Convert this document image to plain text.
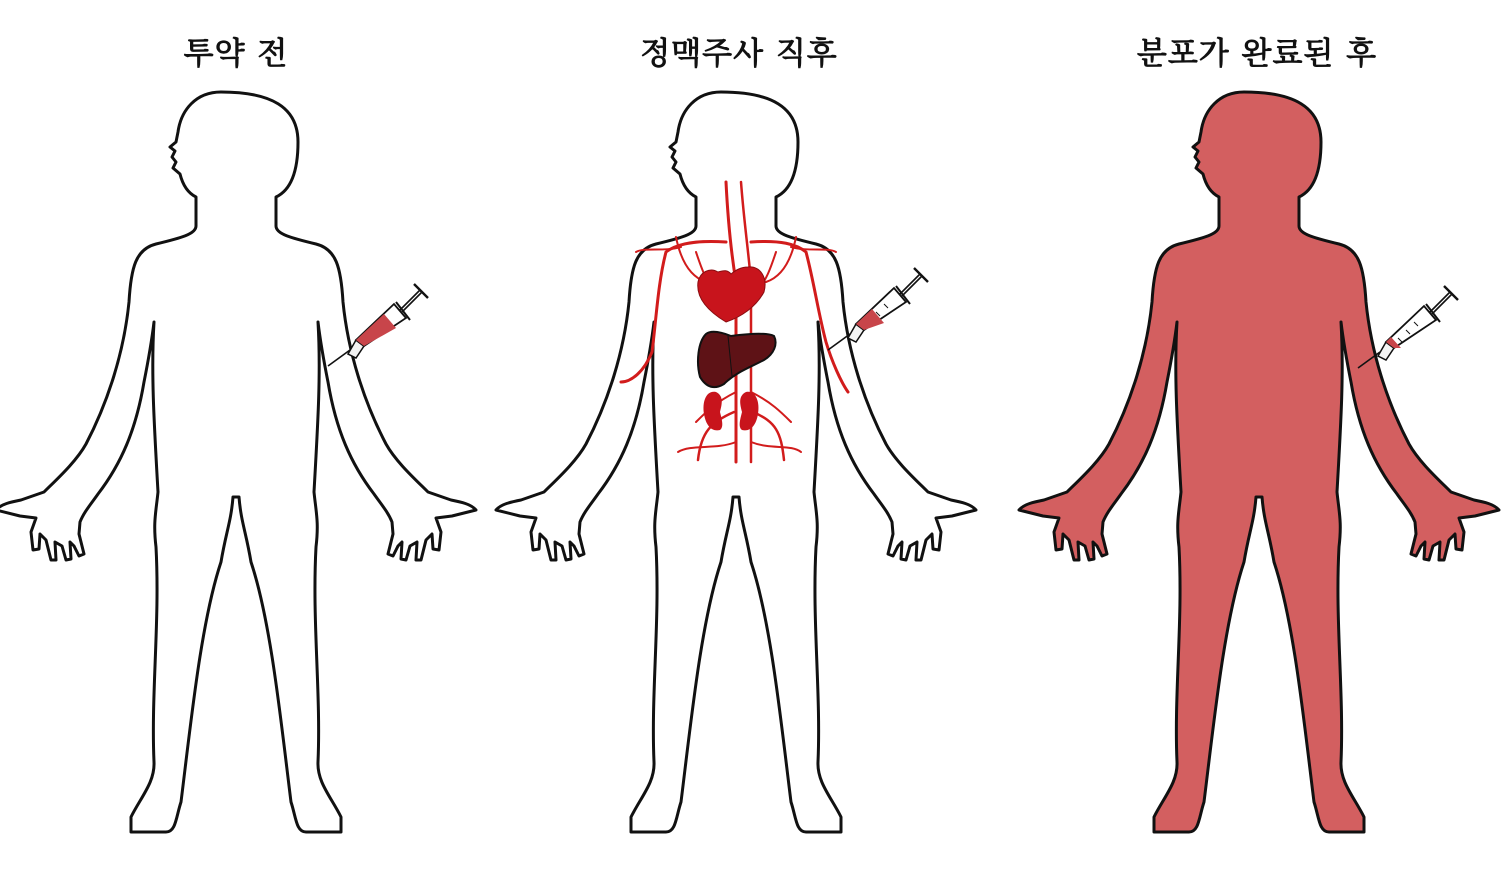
투약 전	정맥주사 직후	분포가 완료된 후
